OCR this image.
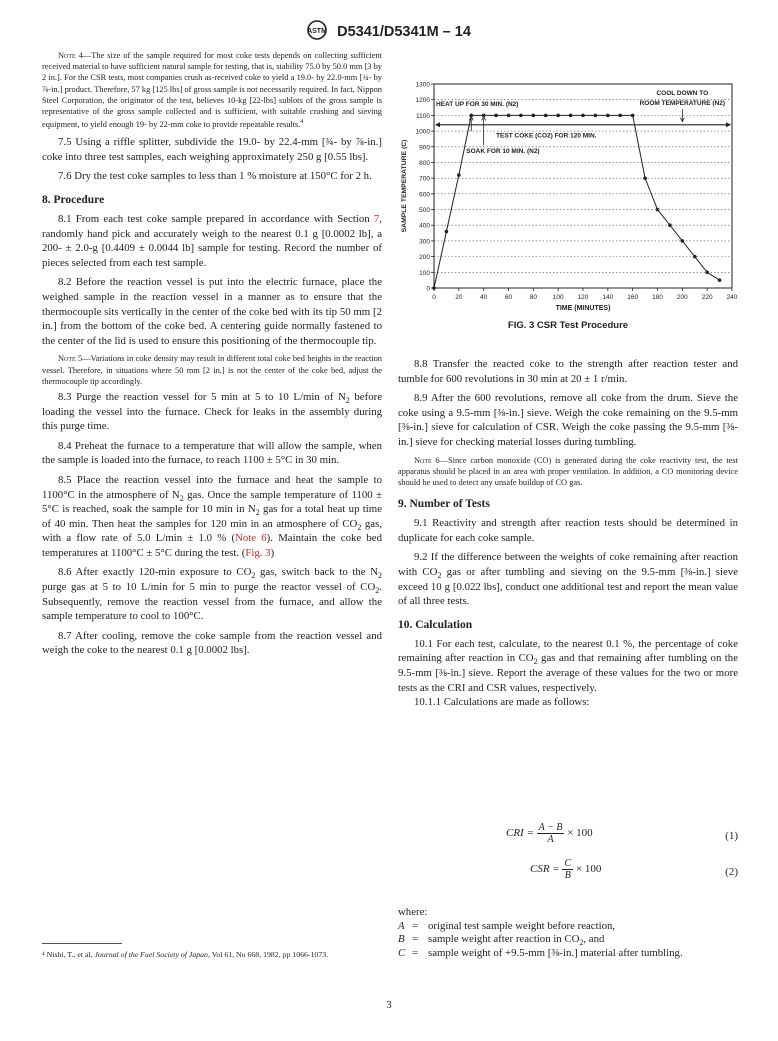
ASTM D5341/D5341M – 14
Note 4—The size of the sample required for most coke tests depends on collecting sufficient received material to have sufficient natural sample for testing, that is, stability 75.0 by 50.0 mm [3 by 2 in.]. For the CSR tests, most companies crush as-received coke to yield a 19.0- by 22.0-mm [¾- by ⅞-in.] product. Therefore, 57 kg [125 lbs] of gross sample is not necessarily required. In fact, Nippon Steel Corporation, the originator of the test, believes 10-kg [22-lbs] sublots of the gross sample is representative of the gross sample collected and is sufficient, with suitable crushing and sieving equipment, to yield enough 19- by 22-mm coke to provide repeatable results.$^4$

7.5 Using a riffle splitter, subdivide the 19.0- by 22.4-mm [¾- by ⅞-in.] coke into three test samples, each weighing approximately 250 g [0.55 lbs].

7.6 Dry the test coke samples to less than 1 % moisture at 150°C for 2 h.

8. Procedure

8.1 From each test coke sample prepared in accordance with Section 7, randomly hand pick and accurately weigh to the nearest 0.1 g [0.0002 lb], a 200- ± 2.0-g [0.4409 ± 0.0044 lb] sample for testing. Record the number of pieces selected from each test sample.

8.2 Before the reaction vessel is put into the electric furnace, place the weighed sample in the reaction vessel in a manner as to ensure that the thermocouple sits vertically in the center of the coke bed with its tip 50 mm [2 in.] from the bottom of the coke bed. A centering guide normally fastened to the center of the lid is used to ensure this positioning of the thermocouple tip.

Note 5—Variations in coke density may result in different total coke bed heights in the reaction vessel. Therefore, in situations where 50 mm [2 in.] is not the center of the coke bed, adjust the thermocouple tip accordingly.

8.3 Purge the reaction vessel for 5 min at 5 to 10 L/min of $N_2$ before loading the vessel into the furnace. Check for leaks in the assembly during this purge time.

8.4 Preheat the furnace to a temperature that will allow the sample, when the sample is loaded into the furnace, to reach 1100 ± 5°C in 30 min.

8.5 Place the reaction vessel into the furnace and heat the sample to 1100°C in the atmosphere of $N_2$ gas. Once the sample temperature of 1100 ± 5°C is reached, soak the sample for 10 min in $N_2$ gas for a total heat up time of 40 min. Then heat the samples for 120 min in an atmosphere of $CO_2$ gas, with a flow rate of 5.0 L/min ± 1.0 % (Note 6). Maintain the coke bed temperatures at 1100°C ± 5°C during the test. (Fig. 3)

8.6 After exactly 120-min exposure to $CO_2$ gas, switch back to the $N_2$ purge gas at 5 to 10 L/min for 5 min to purge the reactor vessel of $CO_2$. Subsequently, remove the reaction vessel from the furnace, and allow the sample temperature to cool to 100°C.

8.7 After cooling, remove the coke sample from the reaction vessel and weigh the coke to the nearest 0.1 g [0.0002 lbs].

⁴ Nishi, T., et al, Journal of the Fuel Society of Japan, Vol 61, No 668, 1982, pp 1066-1073.
0
100
200
300
400
500
600
700
800
900
1000
1100
1200
1300
0	20	40	60	80 100 120 140 160 180 200 220 240
TIME (MINUTES)
SAMPLE TEMPERATURE (C)
HEAT UP FOR 30 MIN. (N2)
COOL DOWN TO
ROOM TEMPERATURE (N2)
TEST COKE (CO2) FOR 120 MIN.
SOAK FOR 10 MIN. (N2)
FIG. 3 CSR Test Procedure

8.8 Transfer the reacted coke to the strength after reaction tester and tumble for 600 revolutions in 30 min at 20 ± 1 r/min.

8.9 After the 600 revolutions, remove all coke from the drum. Sieve the coke using a 9.5-mm [⅜-in.] sieve. Weigh the coke remaining on the 9.5-mm [⅜-in.] sieve for calculation of CSR. Weigh the coke passing the 9.5-mm [⅜-in.] sieve for checking material losses during tumbling.

Note 6—Since carbon monoxide (CO) is generated during the coke reactivity test, the test apparatus should be placed in an area with proper ventilation. In addition, a CO monitoring device should be used to detect any unsafe buildup of CO gas.
9. Number of Tests

9.1 Reactivity and strength after reaction tests should be determined in duplicate for each coke sample.

9.2 If the difference between the weights of coke remaining after reaction with $CO_2$ gas or after tumbling and sieving on the 9.5-mm [⅜-in.] sieve exceed 10 g [0.022 lbs], conduct one additional test and report the mean value of all three tests.

10. Calculation

10.1 For each test, calculate, to the nearest 0.1 %, the percentage of coke remaining after reaction in $CO_2$ gas and that remaining after tumbling on the 9.5-mm [⅜-in.] sieve. Report the average of these values for the two or more tests as the CRI and CSR values, respectively.

10.1.1 Calculations are made as follows:

CRI = $\frac{A - B}{A} \times 100$	(1)
CSR = $\frac{C}{B} \times 100$	(2)
where:
A = original test sample weight before reaction,
B = sample weight after reaction in $CO_2$, and
C = sample weight of +9.5-mm [⅜-in.] material after tumbling.
3
